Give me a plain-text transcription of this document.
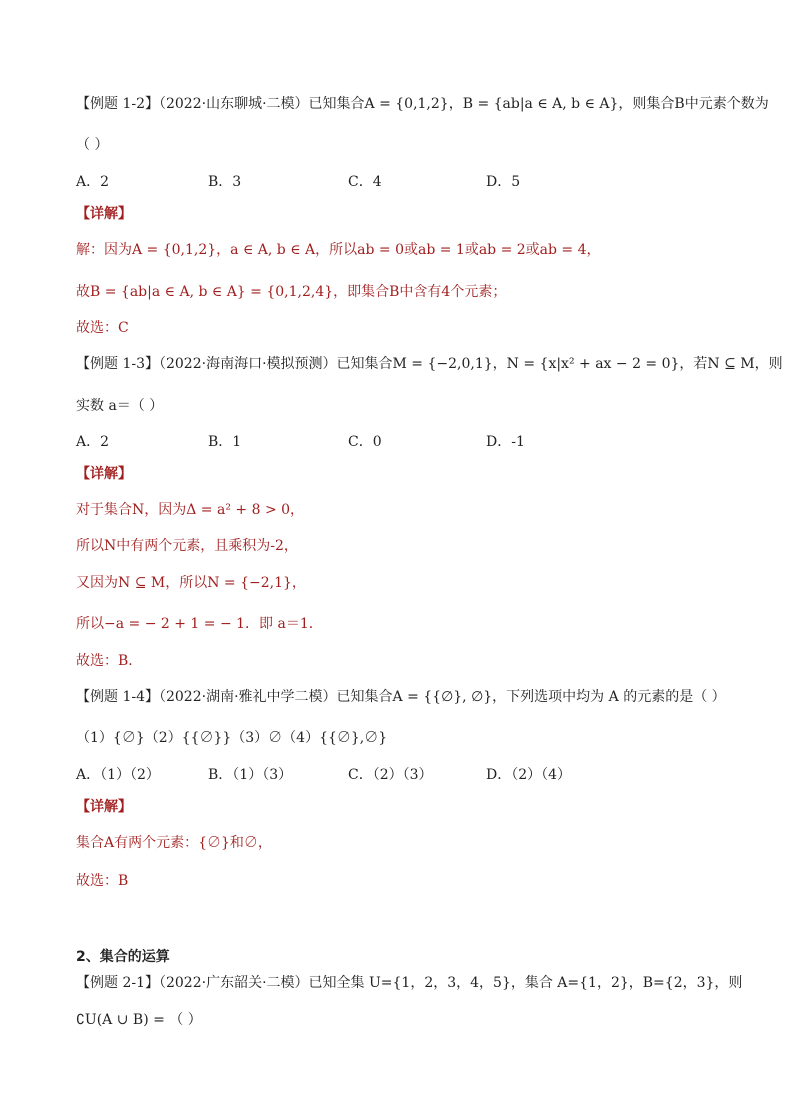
【例题 1-2】（2022·山东聊城·二模）已知集合A = {0,1,2}，B = {ab|a ∈ A, b ∈ A}，则集合B中元素个数为
（ ）
A．2	B．3	C．4	D．5
【详解】
解：因为A = {0,1,2}，a ∈ A, b ∈ A，所以ab = 0或ab = 1或ab = 2或ab = 4，
故B = {ab|a ∈ A, b ∈ A} = {0,1,2,4}，即集合B中含有4个元素；
故选：C
【例题 1-3】（2022·海南海口·模拟预测）已知集合M = {−2,0,1}，N = {x|x² + ax − 2 = 0}，若N ⊆ M，则
实数 a＝（ ）
A．2	B．1	C．0	D．-1
【详解】
对于集合N，因为Δ = a² + 8 > 0，
所以N中有两个元素，且乘积为-2，
又因为N ⊆ M，所以N = {−2,1}，
所以−a = − 2 + 1 = − 1．即 a＝1．
故选：B.
【例题 1-4】（2022·湖南·雅礼中学二模）已知集合A = {{∅}, ∅}，下列选项中均为 A 的元素的是（ ）
（1）{∅}（2）{{∅}}（3）∅（4）{{∅},∅}
A．（1）（2）	B．（1）（3）	C．（2）（3）	D．（2）（4）
【详解】
集合A有两个元素：{∅}和∅，
故选：B
2、集合的运算
【例题 2-1】（2022·广东韶关·二模）已知全集 U={1，2，3，4，5}，集合 A={1，2}，B={2，3}，则
∁U(A ∪ B) = （ ）
